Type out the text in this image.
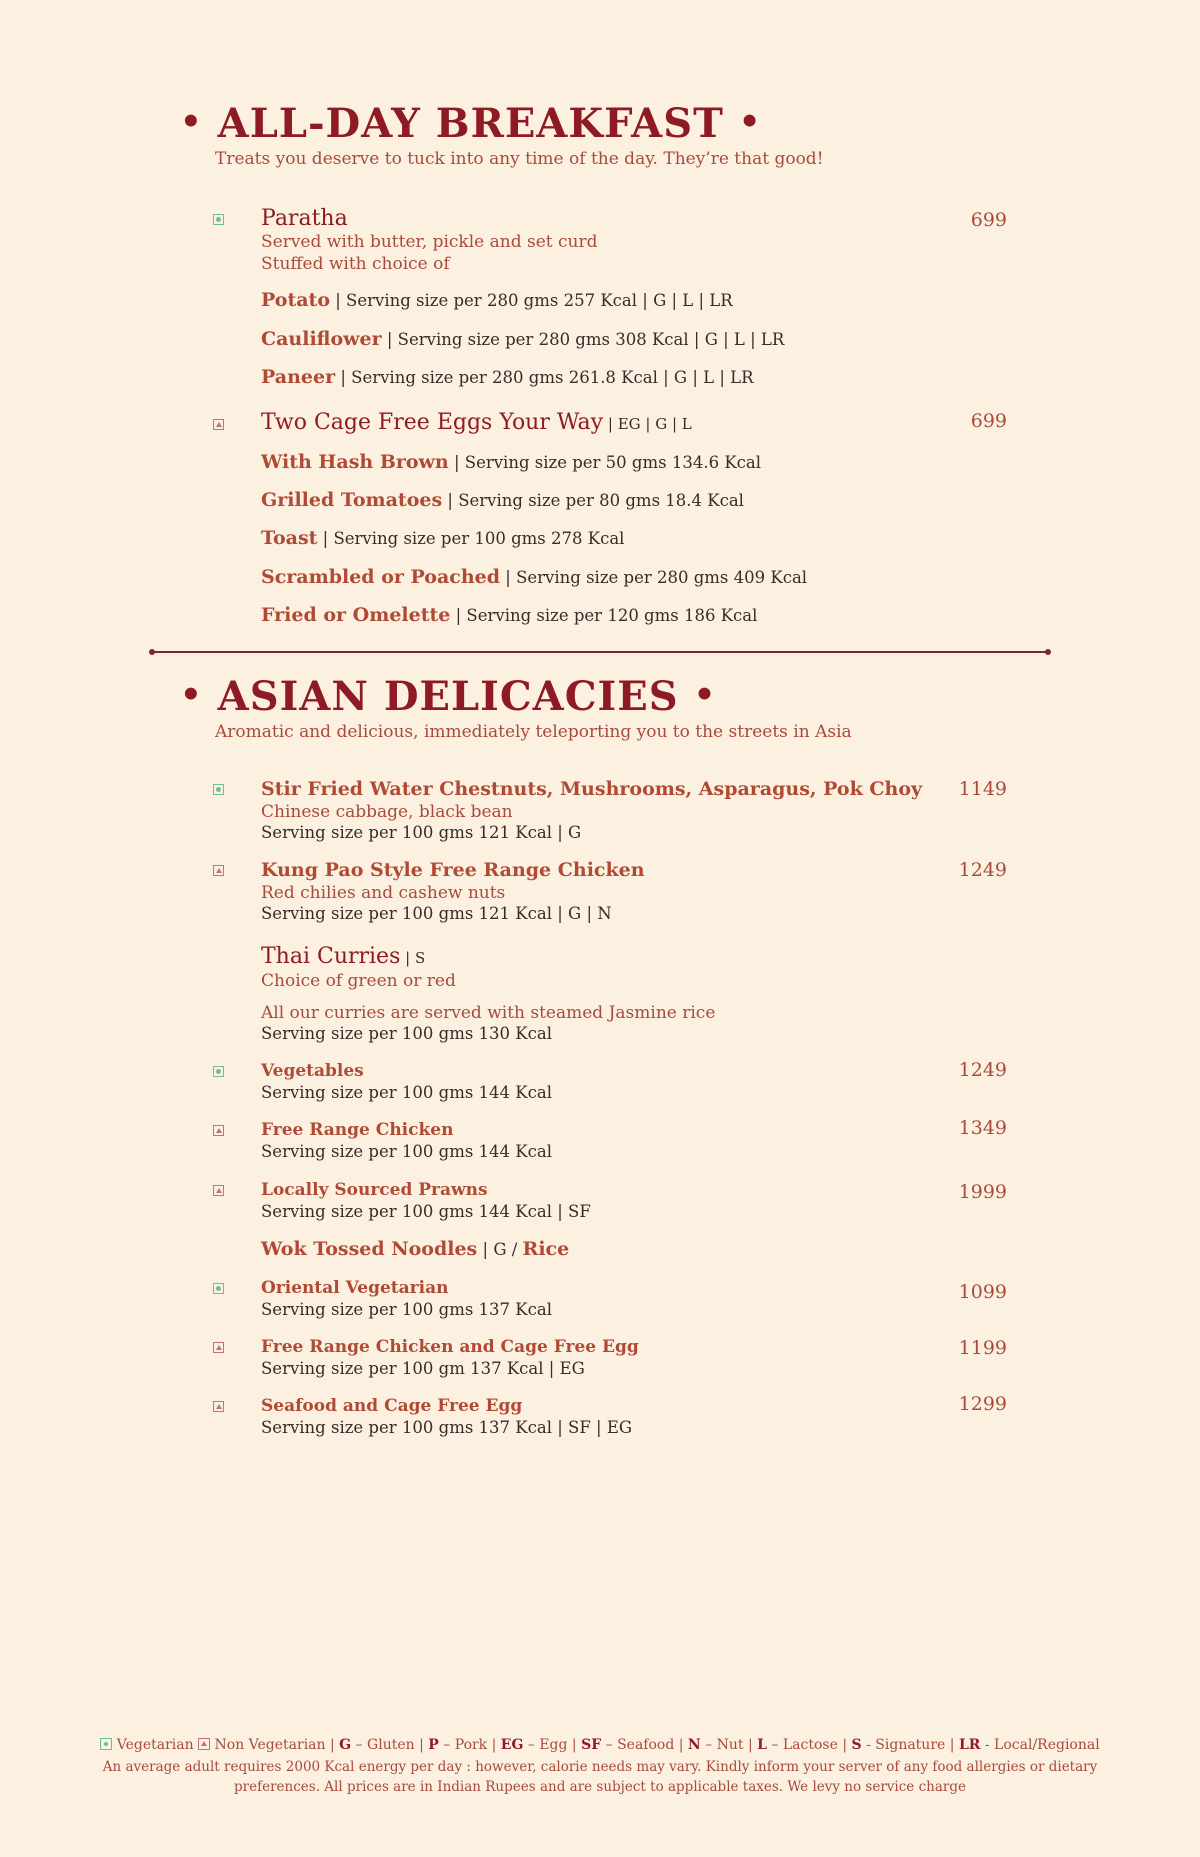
• ALL-DAY BREAKFAST •
Treats you deserve to tuck into any time of the day. They’re that good!
Paratha	699
Served with butter, pickle and set curd
Stuffed with choice of
Potato | Serving size per 280 gms 257 Kcal | G | L | LR
Cauliflower | Serving size per 280 gms 308 Kcal | G | L | LR
Paneer | Serving size per 280 gms 261.8 Kcal | G | L | LR
Two Cage Free Eggs Your Way | EG | G | L	699
With Hash Brown | Serving size per 50 gms 134.6 Kcal
Grilled Tomatoes | Serving size per 80 gms 18.4 Kcal
Toast | Serving size per 100 gms 278 Kcal
Scrambled or Poached | Serving size per 280 gms 409 Kcal
Fried or Omelette | Serving size per 120 gms 186 Kcal
• ASIAN DELICACIES •
Aromatic and delicious, immediately teleporting you to the streets in Asia
Stir Fried Water Chestnuts, Mushrooms, Asparagus, Pok Choy	1149
Chinese cabbage, black bean
Serving size per 100 gms 121 Kcal | G
Kung Pao Style Free Range Chicken	1249
Red chilies and cashew nuts
Serving size per 100 gms 121 Kcal | G | N
Thai Curries | S
Choice of green or red
All our curries are served with steamed Jasmine rice
Serving size per 100 gms 130 Kcal
Vegetables	1249
Serving size per 100 gms 144 Kcal
Free Range Chicken	1349
Serving size per 100 gms 144 Kcal
Locally Sourced Prawns	1999
Serving size per 100 gms 144 Kcal | SF
Wok Tossed Noodles | G / Rice
Oriental Vegetarian	1099
Serving size per 100 gms 137 Kcal
Free Range Chicken and Cage Free Egg	1199
Serving size per 100 gm 137 Kcal | EG
Seafood and Cage Free Egg	1299
Serving size per 100 gms 137 Kcal | SF | EG
Vegetarian Non Vegetarian | G – Gluten | P – Pork | EG – Egg | SF – Seafood | N – Nut | L – Lactose | S - Signature | LR - Local/Regional
An average adult requires 2000 Kcal energy per day : however, calorie needs may vary. Kindly inform your server of any food allergies or dietary
preferences. All prices are in Indian Rupees and are subject to applicable taxes. We levy no service charge
